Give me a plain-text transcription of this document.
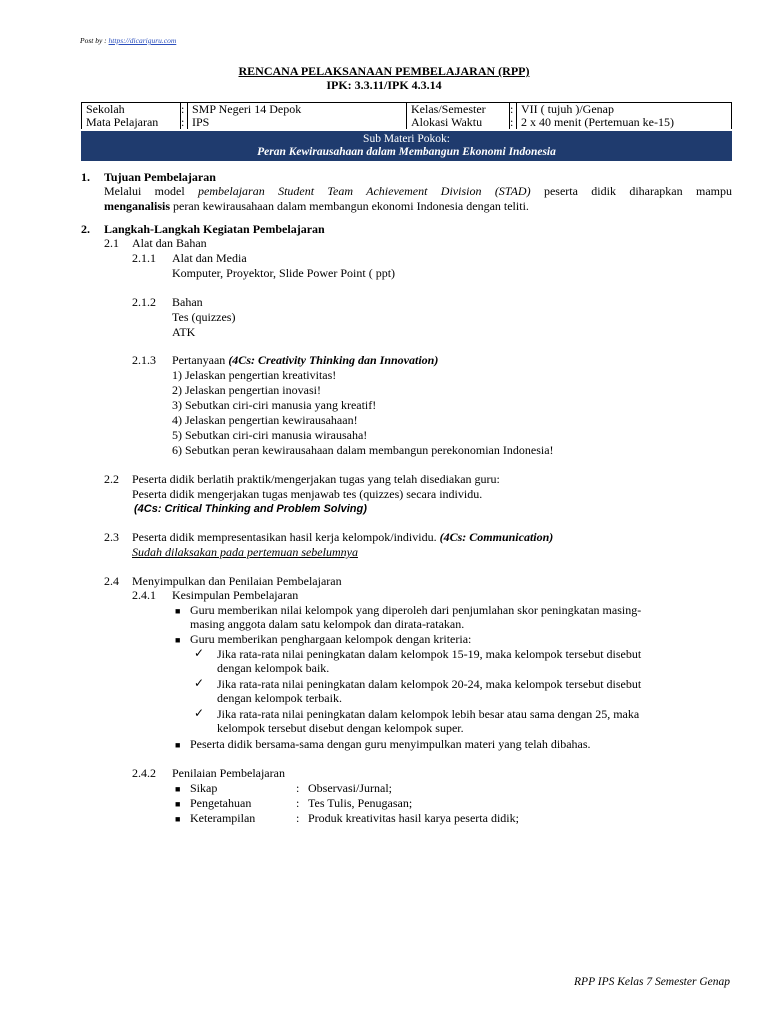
Post by : https://dicariguru.com
RENCANA PELAKSANAAN PEMBELAJARAN (RPP)
IPK: 3.3.11/IPK 4.3.14
Sekolah	:	SMP Negeri 14 Depok	Kelas/Semester	:	VII ( tujuh )/Genap
Mata Pelajaran	:	IPS	Alokasi Waktu	:	2 x 40 menit (Pertemuan ke-15)
Sub Materi Pokok:
Peran Kewirausahaan dalam Membangun Ekonomi Indonesia
1. Tujuan Pembelajaran
Melalui model pembelajaran Student Team Achievement Division (STAD) peserta didik diharapkan mampu
menganalisis peran kewirausahaan dalam membangun ekonomi Indonesia dengan teliti.
2. Langkah-Langkah Kegiatan Pembelajaran
2.1 Alat dan Bahan
2.1.1 Alat dan Media
Komputer, Proyektor, Slide Power Point ( ppt)
2.1.2 Bahan
Tes (quizzes)
ATK
2.1.3 Pertanyaan (4Cs: Creativity Thinking dan Innovation)
1) Jelaskan pengertian kreativitas!
2) Jelaskan pengertian inovasi!
3) Sebutkan ciri-ciri manusia yang kreatif!
4) Jelaskan pengertian kewirausahaan!
5) Sebutkan ciri-ciri manusia wirausaha!
6) Sebutkan peran kewirausahaan dalam membangun perekonomian Indonesia!
2.2 Peserta didik berlatih praktik/mengerjakan tugas yang telah disediakan guru:
Peserta didik mengerjakan tugas menjawab tes (quizzes) secara individu.
(4Cs: Critical Thinking and Problem Solving)
2.3 Peserta didik mempresentasikan hasil kerja kelompok/individu. (4Cs: Communication)
Sudah dilaksakan pada pertemuan sebelumnya
2.4 Menyimpulkan dan Penilaian Pembelajaran
2.4.1 Kesimpulan Pembelajaran
■ Guru memberikan nilai kelompok yang diperoleh dari penjumlahan skor peningkatan masing-
masing anggota dalam satu kelompok dan dirata-ratakan.
■ Guru memberikan penghargaan kelompok dengan kriteria:
✓ Jika rata-rata nilai peningkatan dalam kelompok 15-19, maka kelompok tersebut disebut
dengan kelompok baik.
✓ Jika rata-rata nilai peningkatan dalam kelompok 20-24, maka kelompok tersebut disebut
dengan kelompok terbaik.
✓ Jika rata-rata nilai peningkatan dalam kelompok lebih besar atau sama dengan 25, maka
kelompok tersebut disebut dengan kelompok super.
■ Peserta didik bersama-sama dengan guru menyimpulkan materi yang telah dibahas.
2.4.2 Penilaian Pembelajaran
■ Sikap	: Observasi/Jurnal;
■ Pengetahuan	: Tes Tulis, Penugasan;
■ Keterampilan	: Produk kreativitas hasil karya peserta didik;
RPP IPS Kelas 7 Semester Genap
